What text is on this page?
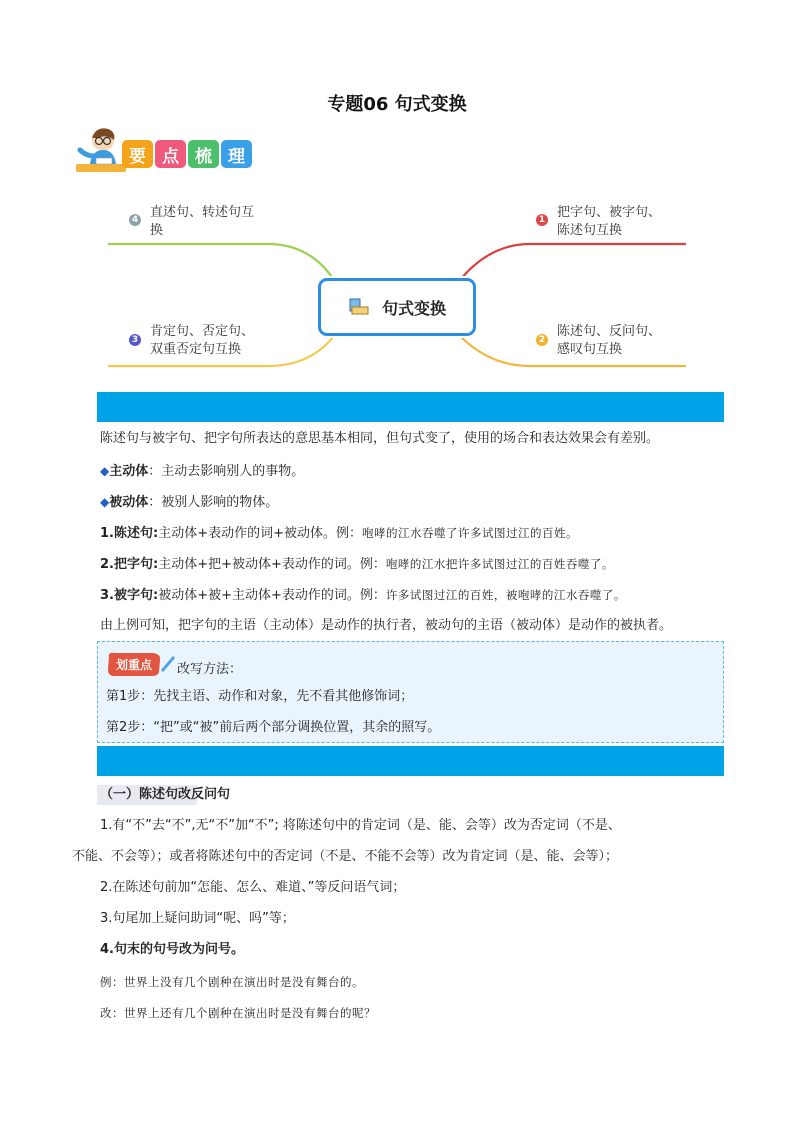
专题06 句式变换
要 点 梳 理
句式变换
1 把字句、被字句、
陈述句互换
2
陈述句、反问句、
感叹句互换
3
肯定句、否定句、
双重否定句互换
4 直述句、转述句互
换
陈述句与被字句、把字句所表达的意思基本相同，但句式变了，使用的场合和表达效果会有差别。
◆主动体：主动去影响别人的事物。
◆被动体：被别人影响的物体。
1.陈述句:主动体+表动作的词+被动体。例：咆哮的江水吞噬了许多试图过江的百姓。
2.把字句:主动体+把+被动体+表动作的词。例：咆哮的江水把许多试图过江的百姓吞噬了。
3.被字句:被动体+被+主动体+表动作的词。例：许多试图过江的百姓，被咆哮的江水吞噬了。
由上例可知，把字句的主语（主动体）是动作的执行者，被动句的主语（被动体）是动作的被执者。
划重点 改写方法：
第1步：先找主语、动作和对象，先不看其他修饰词；
第2步：“把”或“被”前后两个部分调换位置，其余的照写。
（一）陈述句改反问句
1.有“不”去“不”,无“不”加“不”; 将陈述句中的肯定词（是、能、会等）改为否定词（不是、
不能、不会等）；或者将陈述句中的否定词（不是、不能不会等）改为肯定词（是、能、会等）；
2.在陈述句前加“怎能、怎么、难道、”等反问语气词；
3.句尾加上疑问助词“呢、吗”等；
4.句末的句号改为问号。
例：世界上没有几个剧种在演出时是没有舞台的。
改：世界上还有几个剧种在演出时是没有舞台的呢？
